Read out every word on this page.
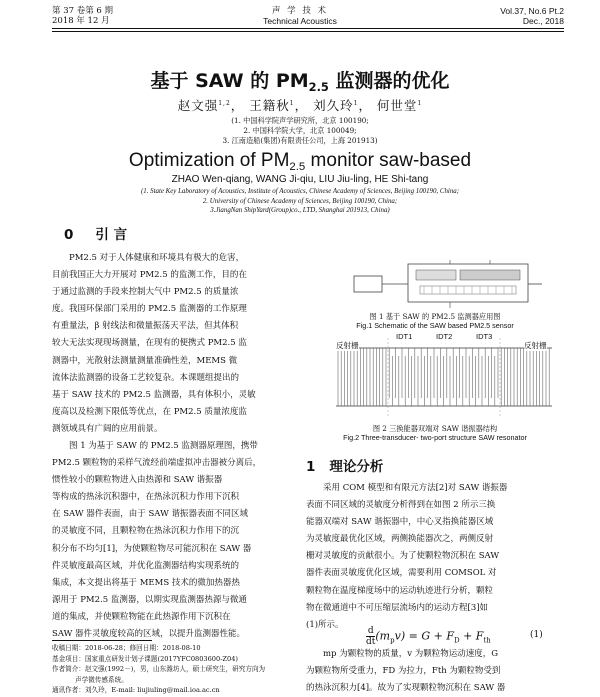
第 37 卷第 6 期
2018 年 12 月
声 学 技 术
Technical Acoustics
Vol.37, No.6 Pt.2
Dec., 2018
基于 SAW 的 $PM_{2.5}$ 监测器的优化
赵文强$^{1,2}$， 王籍秋$^1$， 刘久玲$^1$， 何世堂$^1$
(1. 中国科学院声学研究所，北京 100190;
2. 中国科学院大学，北京 100049;
3. 江南造船(集团)有限责任公司，上海 201913)
Optimization of $PM_{2.5}$ monitor saw-based
ZHAO Wen-qiang, WANG Ji-qiu, LIU Jiu-ling, HE Shi-tang
(1. State Key Laboratory of Acoustics, Institute of Acoustics, Chinese Academy of Sciences, Beijing 100190, China;
2. University of Chinese Academy of Sciences, Beijing 100190, China;
3.JiangNan ShipYard(Group)co., LTD, Shanghai 201913, China)
0 引 言

PM2.5 对于人体健康和环境具有极大的危害，

目前我国正大力开展对 PM2.5 的监测工作，目的在

于通过监测的手段来控制大气中 PM2.5 的质量浓

度。我国环保部门采用的 PM2.5 监测器的工作原理

有重量法，β 射线法和微量振荡天平法，但其体积

较大无法实现现场测量，在现有的便携式 PM2.5 监

测器中，光散射法测量测量准确性差，MEMS 微

流体法监测器的设备工艺较复杂。本课题组提出的

基于 SAW 技术的 PM2.5 监测器，具有体积小，灵敏

度高以及检测下限低等优点，在 PM2.5 质量浓度监

测领域具有广阔的应用前景。

图 1 为基于 SAW 的 PM2.5 监测器原理图，携带

PM2.5 颗粒物的采样气流经前端虚拟冲击器被分离后，

惯性较小的颗粒物进入由热源和 SAW 谐振器

等构成的热泳沉积器中，在热泳沉积力作用下沉积

在 SAW 器件表面，由于 SAW 谐振器表面不同区域

的灵敏度不同，且颗粒物在热泳沉积力作用下的沉

积分布不均匀[1]，为使颗粒物尽可能沉积在 SAW 器

件灵敏度最高区域，并优化监测器结构实现系统的

集成，本文提出将基于 MEMS 技术的微加热器热

源用于 PM2.5 监测器，以期实现监测器热源与微通

道的集成，并使颗粒物能在此热源作用下沉积在

SAW 器件灵敏度较高的区域，以提升监测器性能。

图 1 基于 SAW 的 PM2.5 监测器应用图
Fig.1 Schematic of the SAW based PM2.5 sensor
反射栅
IDT1	IDT2	IDT3
反射栅
图 2 三换能器双端对 SAW 谐振器结构
Fig.2 Three-transducer- two-port structure SAW resonator
1 理论分析

采用 COM 模型和有限元方法[2]对 SAW 谐振器

表面不同区域的灵敏度分析得到在如图 2 所示三换

能器双端对 SAW 谐振器中，中心叉指换能器区域

为灵敏度最优化区域，两侧换能器次之，两侧反射

栅对灵敏度的贡献很小。为了使颗粒物沉积在 SAW

器件表面灵敏度优化区域，需要利用 COMSOL 对

颗粒物在温度梯度场中的运动轨迹进行分析，颗粒

物在微通道中不可压缩层流场内的运动方程[3]如

(1)所示。

$\frac{d}{dt} (m_pv) = G + F_D + F_{th}$
(1)

mp 为颗粒物的质量，v 为颗粒物运动速度，G

为颗粒物所受重力，FD 为拉力，Fth 为颗粒物受到

的热泳沉积力[4]。故为了实现颗粒物沉积在 SAW 器

收稿日期：2018-06-28；修回日期：2018-08-10
基金项目：国家重点研发计划子课题(2017YFC0803600-Z04)
作者简介：赵文强(1992－)，男，山东潍坊人，硕士研究生，研究方向为
声学微传感系统。
通讯作者：刘久玲，E-mail: liujiuling@mail.ioa.ac.cn
